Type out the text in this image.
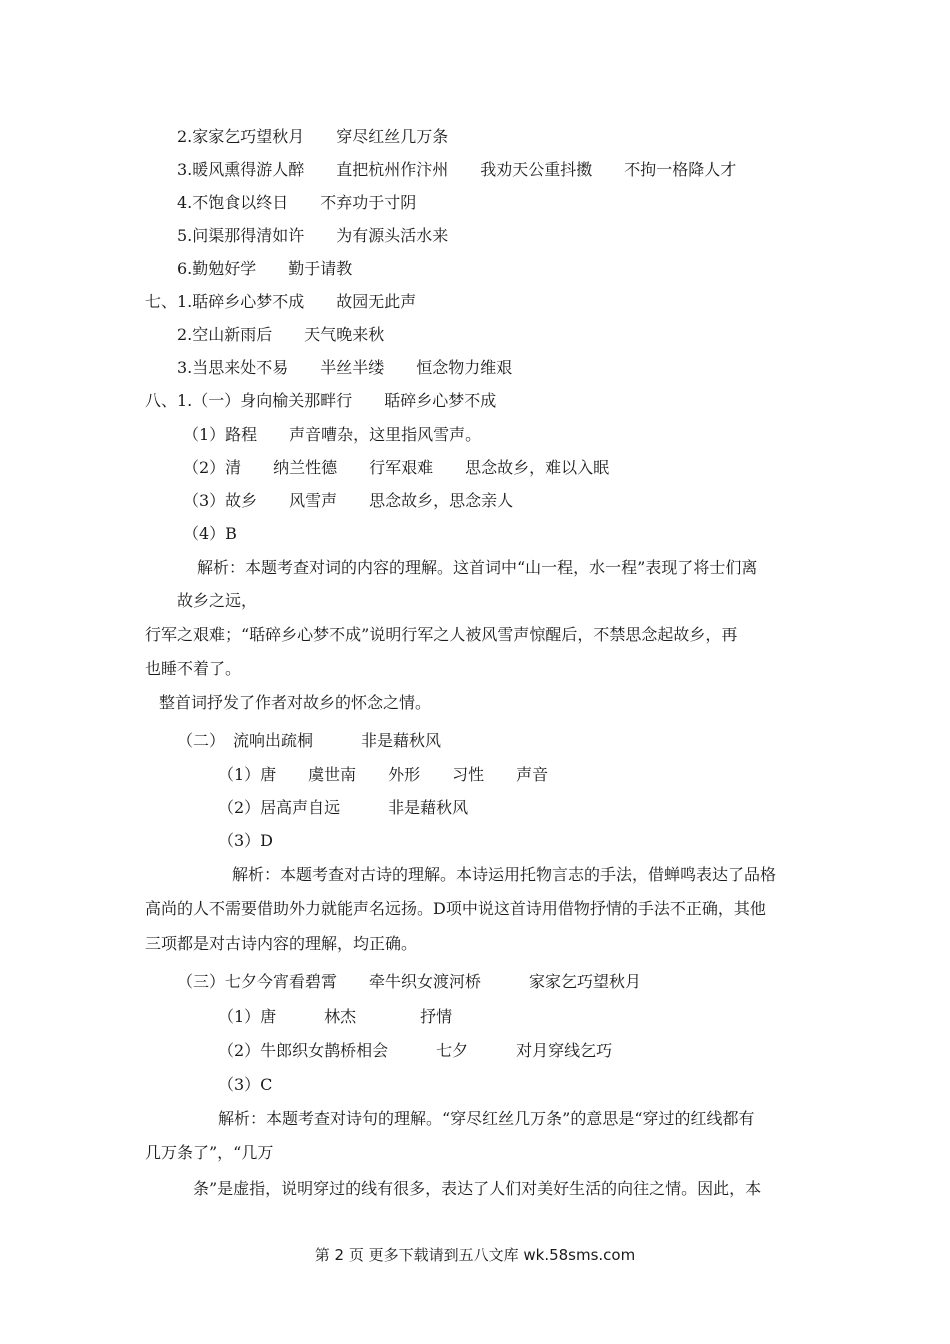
2.家家乞巧望秋月　　穿尽红丝几万条
3.暖风熏得游人醉　　直把杭州作汴州　　我劝天公重抖擞　　不拘一格降人才
4.不饱食以终日　　不弃功于寸阴
5.问渠那得清如许　　为有源头活水来
6.勤勉好学　　勤于请教
七、1.聒碎乡心梦不成　　故园无此声
2.空山新雨后　　天气晚来秋
3.当思来处不易　　半丝半缕　　恒念物力维艰
八、1.（一）身向榆关那畔行　　聒碎乡心梦不成
（1）路程　　声音嘈杂，这里指风雪声。
（2）清　　纳兰性德　　行军艰难　　思念故乡，难以入眠
（3）故乡　　风雪声　　思念故乡，思念亲人
（4）B
解析：本题考查对词的内容的理解。这首词中“山一程，水一程”表现了将士们离
故乡之远，
行军之艰难；“聒碎乡心梦不成”说明行军之人被风雪声惊醒后，不禁思念起故乡，再
也睡不着了。
整首词抒发了作者对故乡的怀念之情。
（二）　流响出疏桐　　　非是藉秋风
（1）唐　　虞世南　　外形　　习性　　声音
（2）居高声自远　　　非是藉秋风
（3）D
解析：本题考查对古诗的理解。本诗运用托物言志的手法，借蝉鸣表达了品格
高尚的人不需要借助外力就能声名远扬。D项中说这首诗用借物抒情的手法不正确，其他
三项都是对古诗内容的理解，均正确。
（三）七夕今宵看碧霄　　牵牛织女渡河桥　　　家家乞巧望秋月
（1）唐　　　林杰　　　　抒情
（2）牛郎织女鹊桥相会　　　七夕　　　对月穿线乞巧
（3）C
解析：本题考查对诗句的理解。“穿尽红丝几万条”的意思是“穿过的红线都有
几万条了”，“几万
条”是虚指，说明穿过的线有很多，表达了人们对美好生活的向往之情。因此，本
第 2 页 更多下载请到五八文库 wk.58sms.com
